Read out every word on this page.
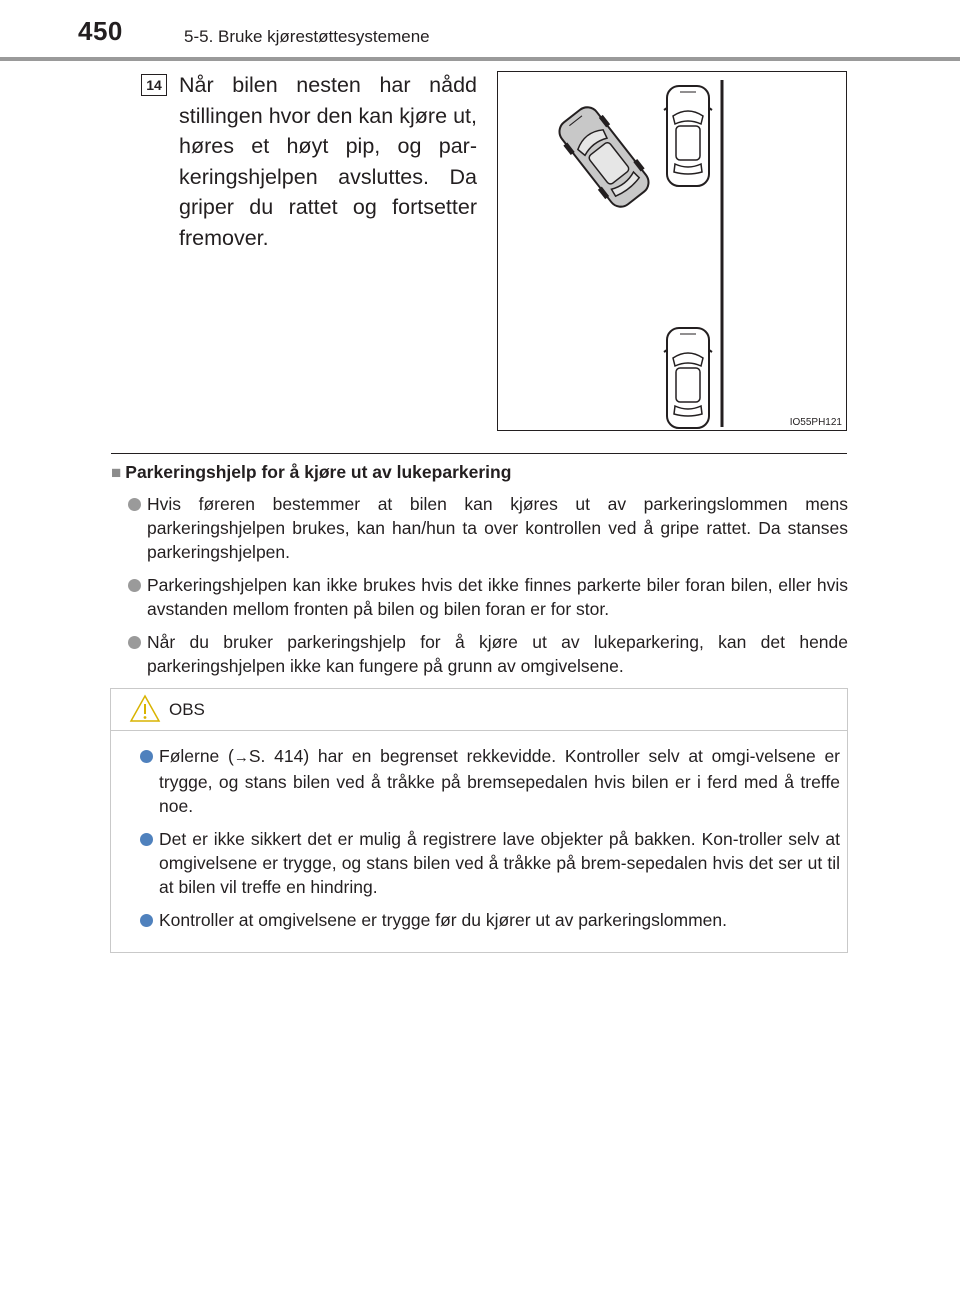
450	5-5. Bruke kjørestøttesystemene
14 Når bilen nesten har nådd stillingen hvor den kan kjøre ut, høres et høyt pip, og par-keringshjelpen avsluttes. Da griper du rattet og fortsetter fremover.
IO55PH121
■ Parkeringshjelp for å kjøre ut av lukeparkering
Hvis føreren bestemmer at bilen kan kjøres ut av parkeringslommen mens parkeringshjelpen brukes, kan han/hun ta over kontrollen ved å gripe rattet. Da stanses parkeringshjelpen.
Parkeringshjelpen kan ikke brukes hvis det ikke finnes parkerte biler foran bilen, eller hvis avstanden mellom fronten på bilen og bilen foran er for stor.
Når du bruker parkeringshjelp for å kjøre ut av lukeparkering, kan det hende parkeringshjelpen ikke kan fungere på grunn av omgivelsene.
OBS
Følerne (→S. 414) har en begrenset rekkevidde. Kontroller selv at omgi-velsene er trygge, og stans bilen ved å tråkke på bremsepedalen hvis bilen er i ferd med å treffe noe.
Det er ikke sikkert det er mulig å registrere lave objekter på bakken. Kon-troller selv at omgivelsene er trygge, og stans bilen ved å tråkke på brem-sepedalen hvis det ser ut til at bilen vil treffe en hindring.
Kontroller at omgivelsene er trygge før du kjører ut av parkeringslommen.
